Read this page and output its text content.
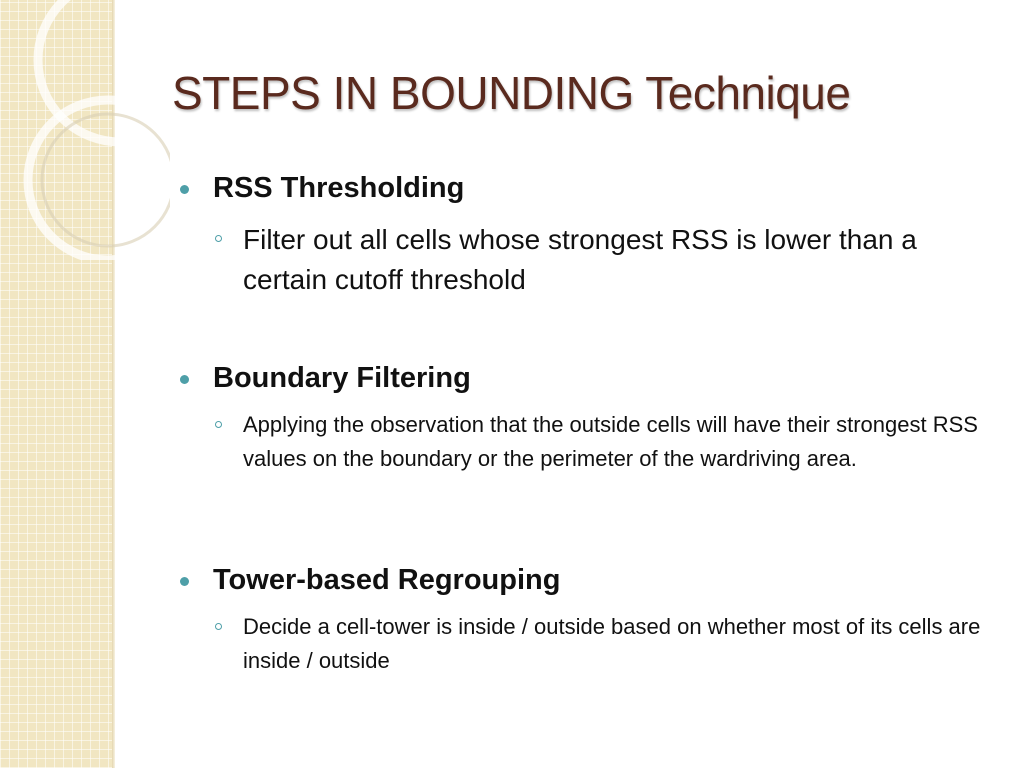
STEPS IN BOUNDING Technique

RSS Thresholding

Filter out all cells whose strongest RSS is lower than a certain cutoff threshold

Boundary Filtering

Applying the observation that the outside cells will have their strongest RSS values on the boundary or the perimeter of the wardriving area.

Tower-based Regrouping

Decide a cell-tower is inside / outside based on whether most of its cells are inside / outside
